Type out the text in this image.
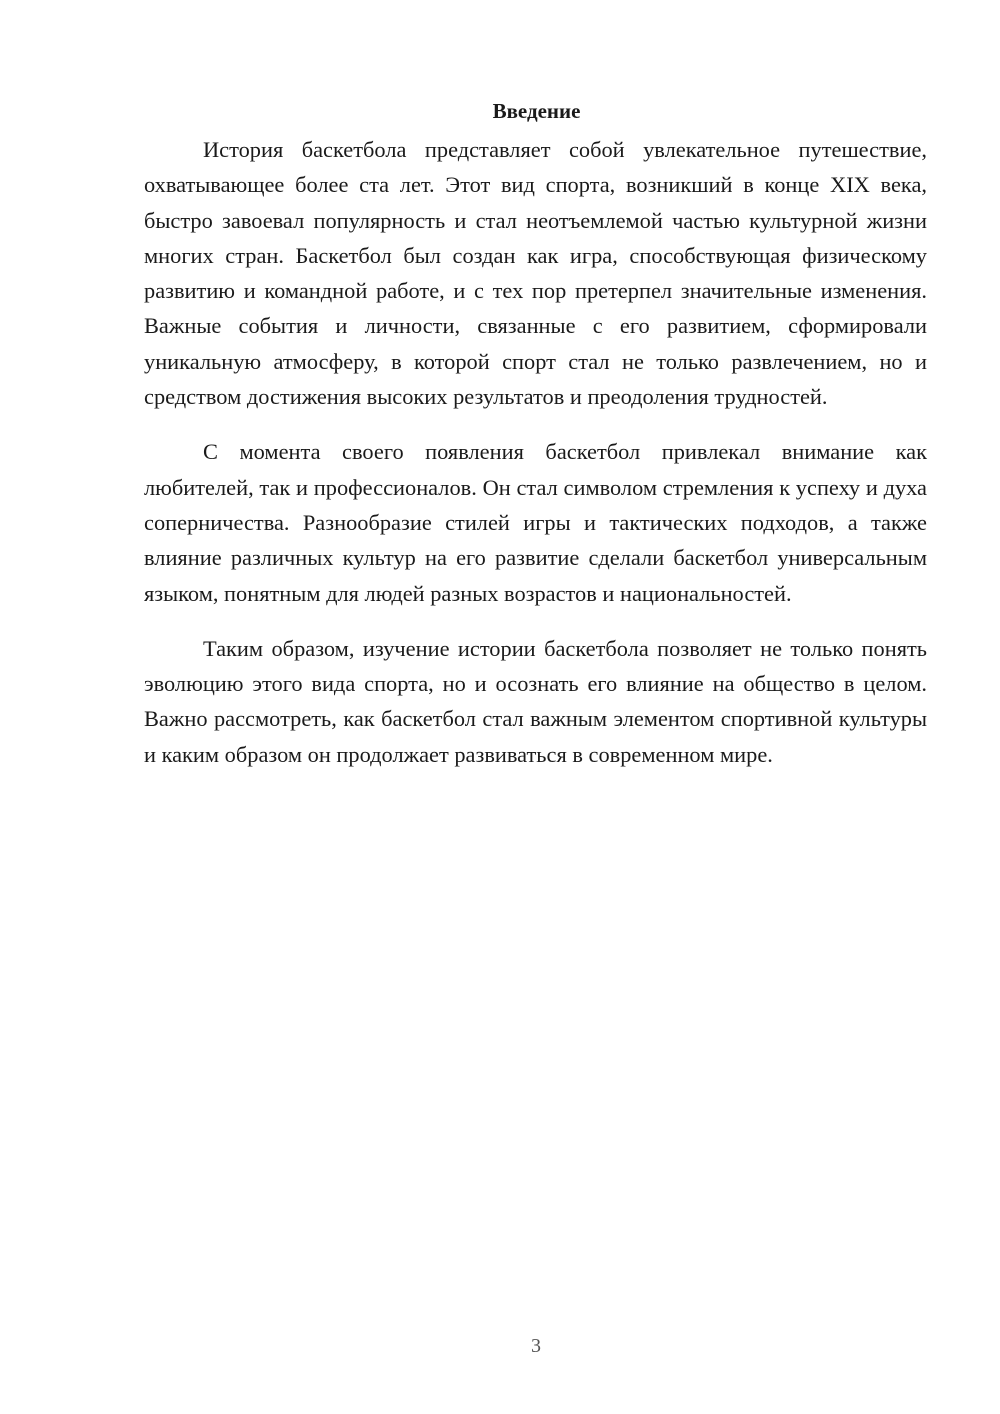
Введение

История баскетбола представляет собой увлекательное путешествие, охватывающее более ста лет. Этот вид спорта, возникший в конце XIX века, быстро завоевал популярность и стал неотъемлемой частью культурной жизни многих стран. Баскетбол был создан как игра, способствующая физическому развитию и командной работе, и с тех пор претерпел значительные изменения. Важные события и личности, связанные с его развитием, сформировали уникальную атмосферу, в которой спорт стал не только развлечением, но и средством достижения высоких результатов и преодоления трудностей.

С момента своего появления баскетбол привлекал внимание как любителей, так и профессионалов. Он стал символом стремления к успеху и духа соперничества. Разнообразие стилей игры и тактических подходов, а также влияние различных культур на его развитие сделали баскетбол универсальным языком, понятным для людей разных возрастов и национальностей.

Таким образом, изучение истории баскетбола позволяет не только понять эволюцию этого вида спорта, но и осознать его влияние на общество в целом. Важно рассмотреть, как баскетбол стал важным элементом спортивной культуры и каким образом он продолжает развиваться в современном мире.

3
